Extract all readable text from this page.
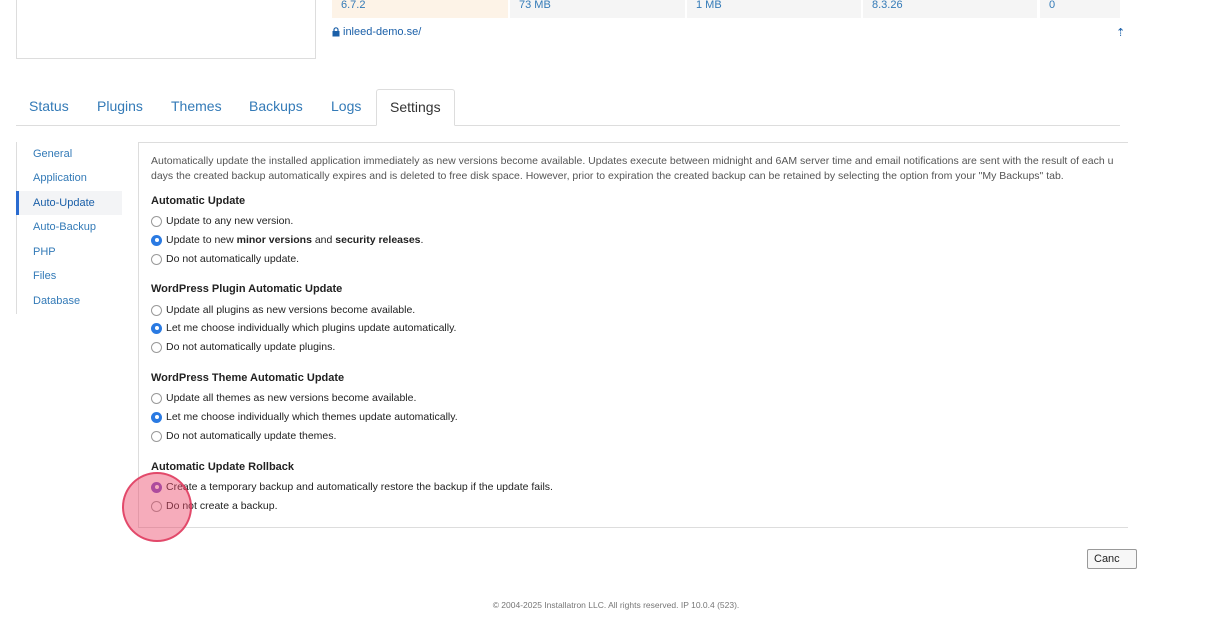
6.7.2	73 MB	1 MB	8.3.26	0
inleed-demo.se/	⇡
Status Plugins Themes Backups Logs	Settings
General
Application
Auto-Update
Auto-Backup
PHP
Files
Database
Automatically update the installed application immediately as new versions become available. Updates execute between midnight and 6AM server time and email notifications are sent with the result of each u
days the created backup automatically expires and is deleted to free disk space. However, prior to expiration the created backup can be retained by selecting the option from your "My Backups" tab.
Automatic Update
Update to any new version.
Update to new minor versions and security releases.
Do not automatically update.
WordPress Plugin Automatic Update
Update all plugins as new versions become available.
Let me choose individually which plugins update automatically.
Do not automatically update plugins.
WordPress Theme Automatic Update
Update all themes as new versions become available.
Let me choose individually which themes update automatically.
Do not automatically update themes.
Automatic Update Rollback
Create a temporary backup and automatically restore the backup if the update fails.
Do not create a backup.
Canc
© 2004-2025 Installatron LLC. All rights reserved. IP 10.0.4 (523).
